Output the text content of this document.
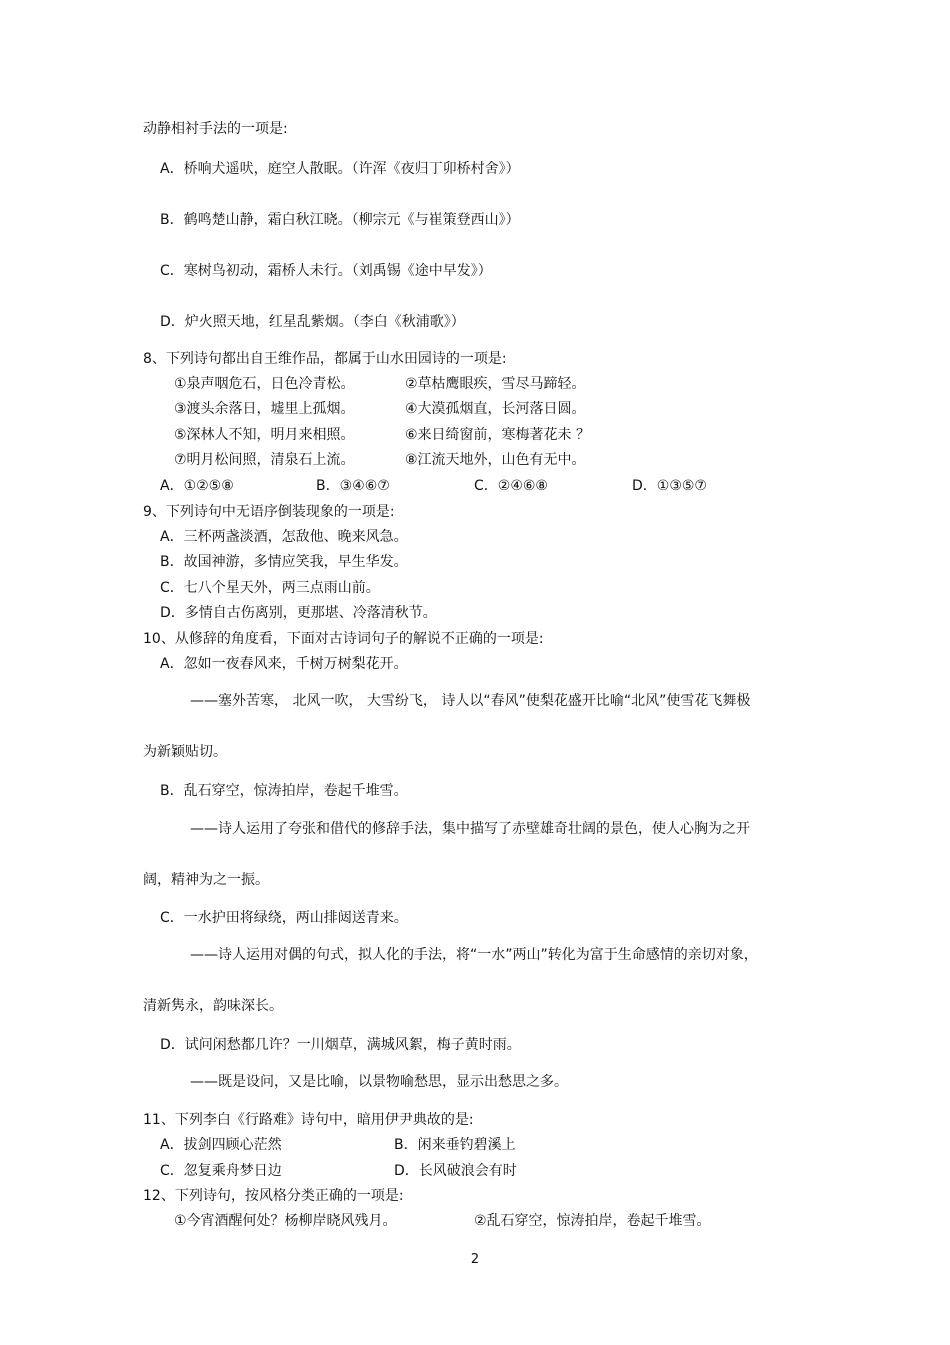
动静相衬手法的一项是:
A．桥响犬遥吠，庭空人散眠。（许浑《夜归丁卯桥村舍》）
B．鹤鸣楚山静，霜白秋江晓。（柳宗元《与崔策登西山》）
C．寒树鸟初动，霜桥人未行。（刘禹锡《途中早发》）
D．炉火照天地，红星乱紫烟。（李白《秋浦歌》）
8、下列诗句都出自王维作品，都属于山水田园诗的一项是:
①泉声咽危石，日色冷青松。	②草枯鹰眼疾，雪尽马蹄轻。
③渡头余落日，墟里上孤烟。	④大漠孤烟直，长河落日圆。
⑤深林人不知，明月来相照。	⑥来日绮窗前，寒梅著花未 ？
⑦明月松间照，清泉石上流。	⑧江流天地外，山色有无中。
A．①②⑤⑧	B．③④⑥⑦	C．②④⑥⑧	D．①③⑤⑦
9、下列诗句中无语序倒装现象的一项是:
A．三杯两盏淡酒，怎敌他、晚来风急。
B．故国神游，多情应笑我，早生华发。
C．七八个星天外，两三点雨山前。
D．多情自古伤离别，更那堪、冷落清秋节。
10、从修辞的角度看，下面对古诗词句子的解说不正确的一项是:
A．忽如一夜春风来，千树万树梨花开。
——塞外苦寒， 北风一吹， 大雪纷飞， 诗人以“春风”使梨花盛开比喻“北风”使雪花飞舞极
为新颖贴切。
B．乱石穿空，惊涛拍岸，卷起千堆雪。
——诗人运用了夸张和借代的修辞手法，集中描写了赤壁雄奇壮阔的景色，使人心胸为之开
阔，精神为之一振。
C．一水护田将绿绕，两山排闼送青来。
——诗人运用对偶的句式，拟人化的手法，将“一水”两山”转化为富于生命感情的亲切对象，
清新隽永，韵味深长。
D．试问闲愁都几许？一川烟草，满城风絮，梅子黄时雨。
——既是设问，又是比喻，以景物喻愁思，显示出愁思之多。
11、下列李白《行路难》诗句中，暗用伊尹典故的是:
A．拔剑四顾心茫然	B．闲来垂钓碧溪上
C．忽复乘舟梦日边	D．长风破浪会有时
12、下列诗句，按风格分类正确的一项是:
①今宵酒醒何处？杨柳岸晓风残月。	②乱石穿空，惊涛拍岸，卷起千堆雪。
2
